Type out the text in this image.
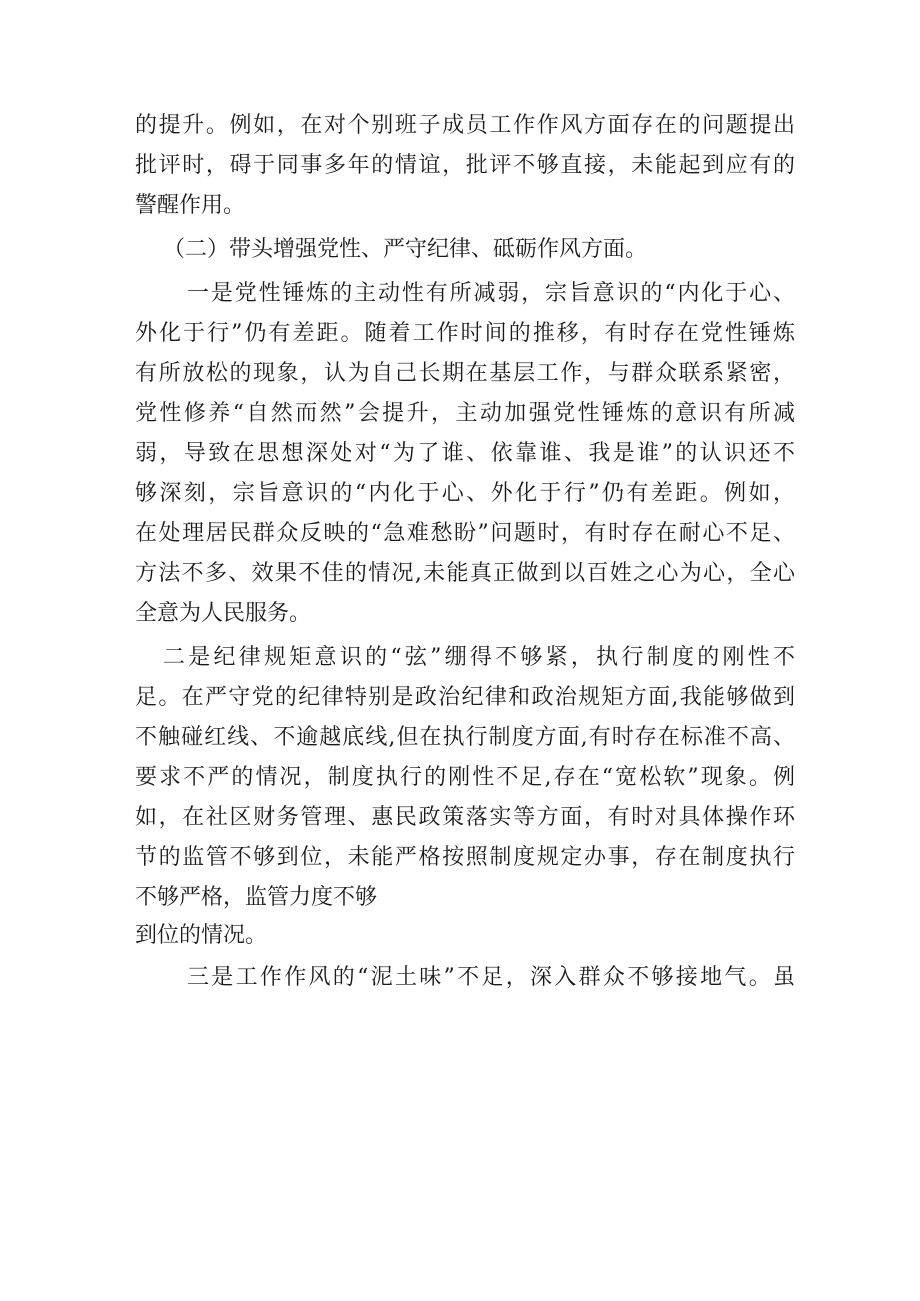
的提升。例如，在对个别班子成员工作作风方面存在的问题提出
批评时，碍于同事多年的情谊，批评不够直接，未能起到应有的
警醒作用。
（二）带头增强党性、严守纪律、砥砺作风方面。
一是党性锤炼的主动性有所减弱，宗旨意识的“内化于心、
外化于行”仍有差距。随着工作时间的推移，有时存在党性锤炼
有所放松的现象，认为自己长期在基层工作，与群众联系紧密，
党性修养“自然而然”会提升，主动加强党性锤炼的意识有所减
弱，导致在思想深处对“为了谁、依靠谁、我是谁”的认识还不
够深刻，宗旨意识的“内化于心、外化于行”仍有差距。例如，
在处理居民群众反映的“急难愁盼”问题时，有时存在耐心不足、
方法不多、效果不佳的情况,未能真正做到以百姓之心为心，全心
全意为人民服务。
二是纪律规矩意识的“弦”绷得不够紧，执行制度的刚性不
足。在严守党的纪律特别是政治纪律和政治规矩方面,我能够做到
不触碰红线、不逾越底线,但在执行制度方面,有时存在标准不高、
要求不严的情况，制度执行的刚性不足,存在“宽松软”现象。例
如，在社区财务管理、惠民政策落实等方面，有时对具体操作环
节的监管不够到位，未能严格按照制度规定办事，存在制度执行
不够严格，监管力度不够
到位的情况。
三是工作作风的“泥土味”不足，深入群众不够接地气。虽
